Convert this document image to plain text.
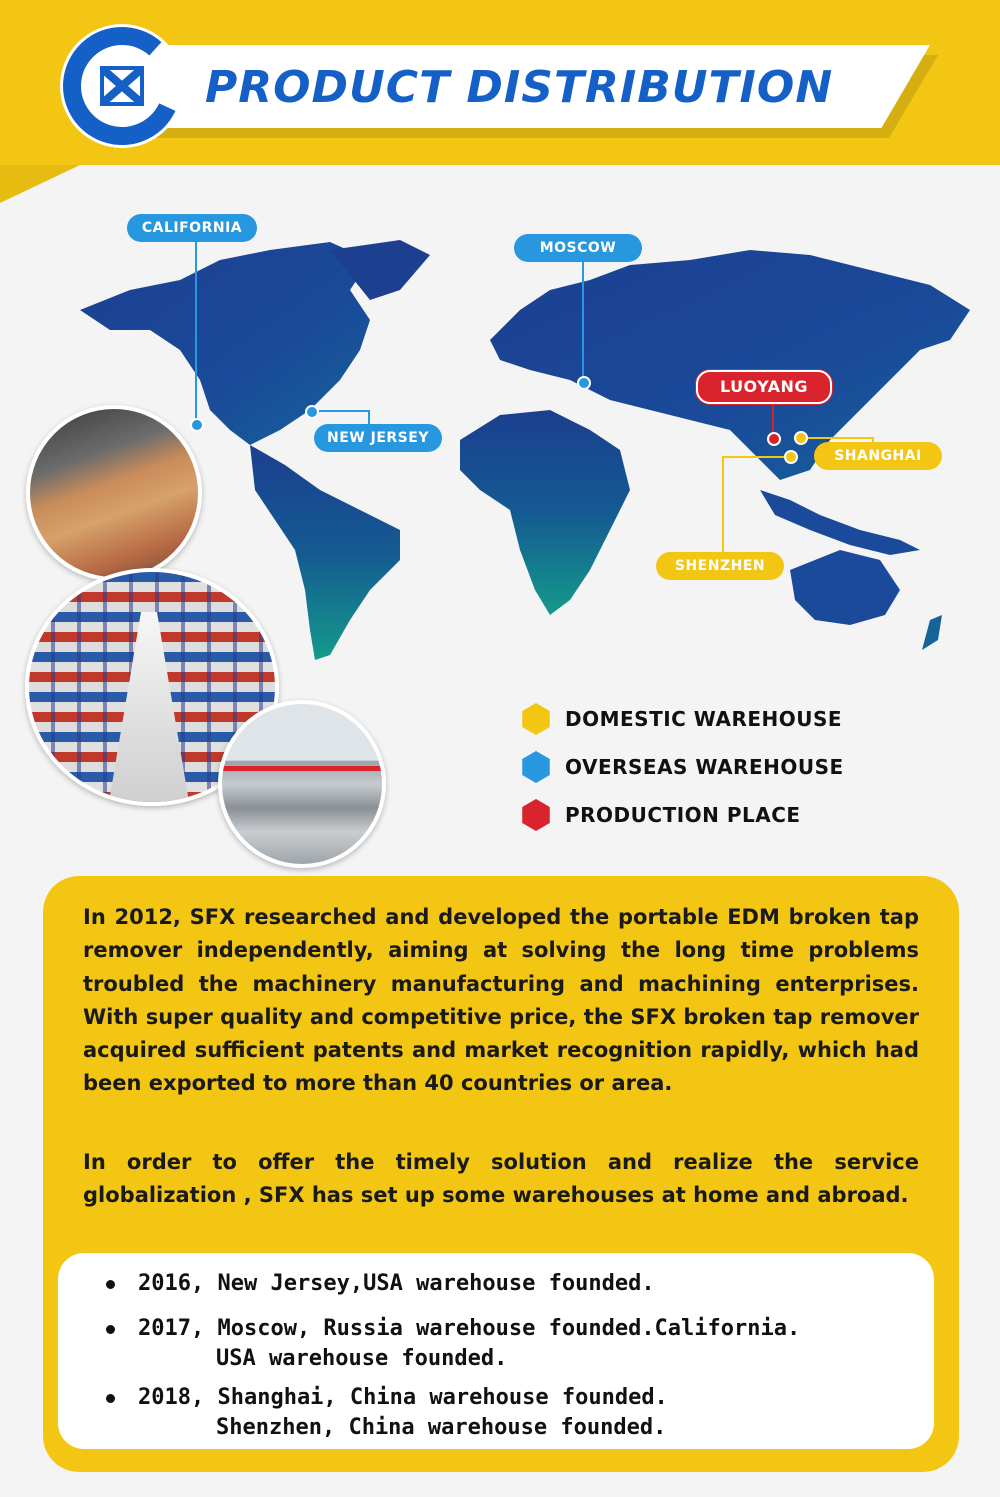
PRODUCT DISTRIBUTION
CALIFORNIA
NEW JERSEY
MOSCOW
LUOYANG
SHANGHAI
SHENZHEN
DOMESTIC WAREHOUSE
OVERSEAS WAREHOUSE
PRODUCTION PLACE

In 2012, SFX researched and developed the portable EDM broken tap remover independently, aiming at solving the long time problems troubled the machinery manufacturing and machining enterprises. With super quality and competitive price, the SFX broken tap remover acquired sufficient patents and market recognition rapidly, which had been exported to more than 40 countries or area.

In order to offer the timely solution and realize the service globalization , SFX has set up some warehouses at home and abroad.

2016, New Jersey,USA warehouse founded.
2017, Moscow, Russia warehouse founded.California.
USA warehouse founded.
2018, Shanghai, China warehouse founded.
Shenzhen, China warehouse founded.
